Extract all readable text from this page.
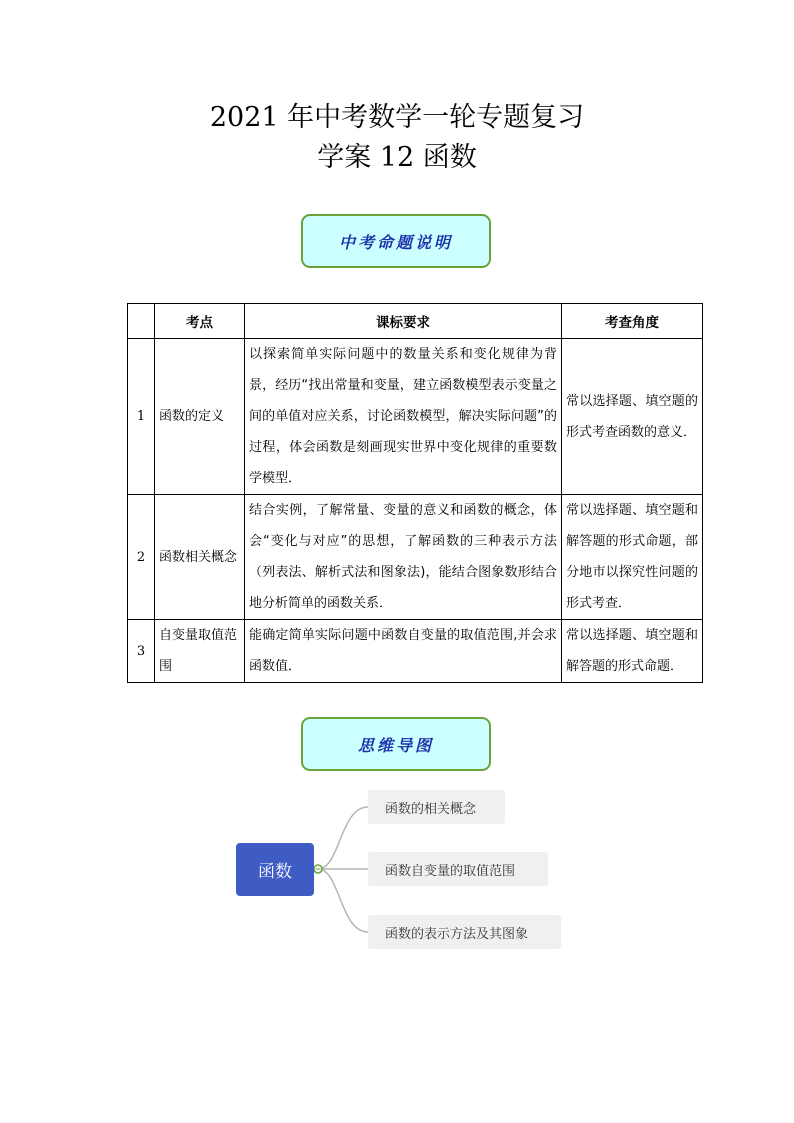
2021 年中考数学一轮专题复习
学案 12 函数
中考命题说明
	考点	课标要求	考查角度
1	函数的定义	以探索简单实际问题中的数量关系和变化规律为背景，经历“找出常量和变量，建立函数模型表示变量之间的单值对应关系，讨论函数模型，解决实际问题”的过程，体会函数是刻画现实世界中变化规律的重要数学模型．	常以选择题、填空题的形式考查函数的意义．
2	函数相关概念	结合实例，了解常量、变量的意义和函数的概念，体会“变化与对应”的思想，了解函数的三种表示方法（列表法、解析式法和图象法)，能结合图象数形结合地分析简单的函数关系．	常以选择题、填空题和解答题的形式命题，部分地市以探究性问题的形式考查．
3	自变量取值范围	能确定简单实际问题中函数自变量的取值范围,并会求函数值．	常以选择题、填空题和解答题的形式命题．
思维导图
函数
函数的相关概念
函数自变量的取值范围
函数的表示方法及其图象
